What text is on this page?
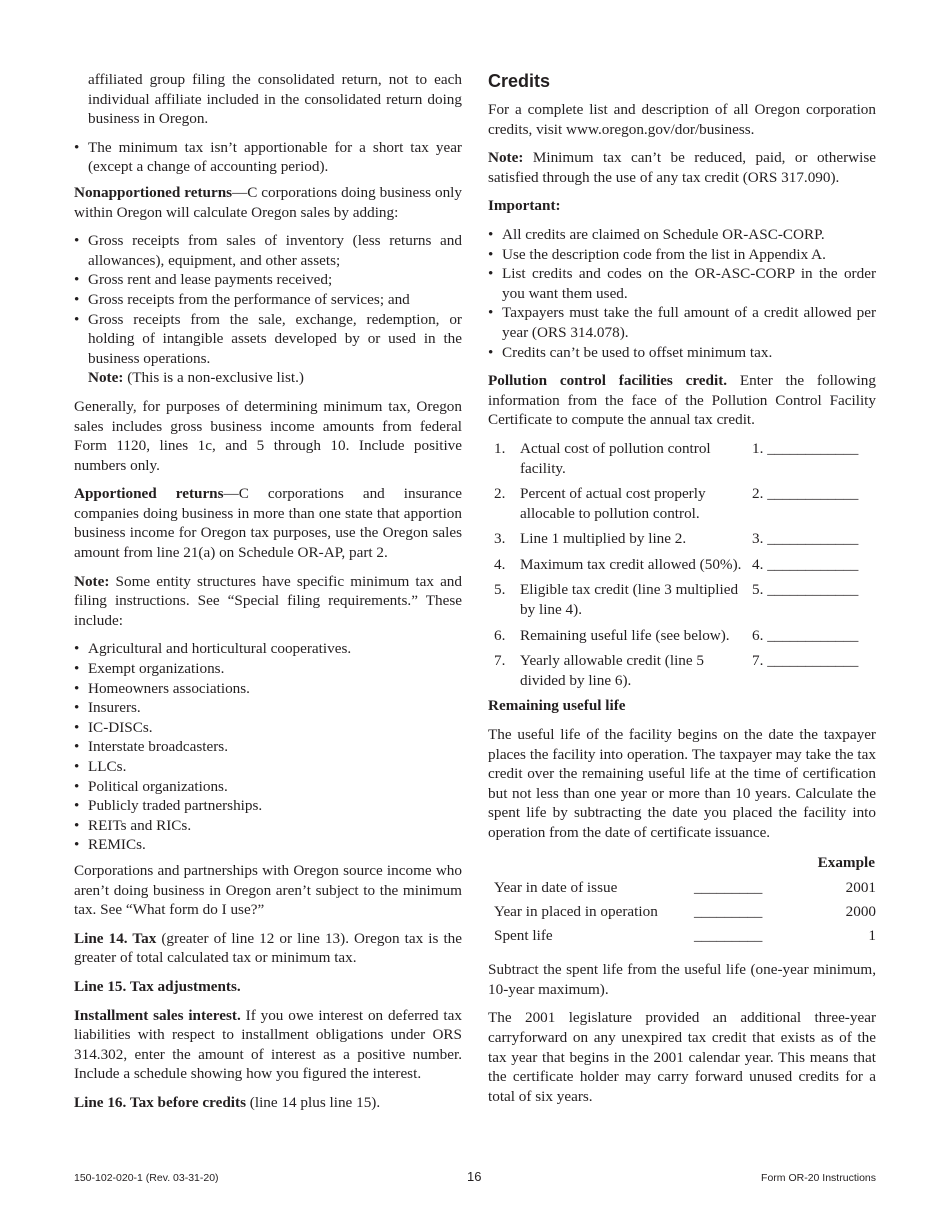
affiliated group filing the consolidated return, not to each individual affiliate included in the consolidated return doing business in Oregon.

• The minimum tax isn’t apportionable for a short tax year (except a change of accounting period).

Nonapportioned returns—C corporations doing business only within Oregon will calculate Oregon sales by adding:

• Gross receipts from sales of inventory (less returns and allowances), equipment, and other assets;
• Gross rent and lease payments received;
• Gross receipts from the performance of services; and
• Gross receipts from the sale, exchange, redemption, or holding of intangible assets developed by or used in the business operations.

Note: (This is a non-exclusive list.)

Generally, for purposes of determining minimum tax, Oregon sales includes gross business income amounts from federal Form 1120, lines 1c, and 5 through 10. Include positive numbers only.

Apportioned returns—C corporations and insurance companies doing business in more than one state that apportion business income for Oregon tax purposes, use the Oregon sales amount from line 21(a) on Schedule OR-AP, part 2.

Note: Some entity structures have specific minimum tax and filing instructions. See “Special filing requirements.” These include:

• Agricultural and horticultural cooperatives.
• Exempt organizations.
• Homeowners associations.
• Insurers.
• IC-DISCs.
• Interstate broadcasters.
• LLCs.
• Political organizations.
• Publicly traded partnerships.
• REITs and RICs.
• REMICs.

Corporations and partnerships with Oregon source income who aren’t doing business in Oregon aren’t subject to the minimum tax. See “What form do I use?”

Line 14. Tax (greater of line 12 or line 13). Oregon tax is the greater of total calculated tax or minimum tax.

Line 15. Tax adjustments.

Installment sales interest. If you owe interest on deferred tax liabilities with respect to installment obligations under ORS 314.302, enter the amount of interest as a positive number. Include a schedule showing how you figured the interest.

Line 16. Tax before credits (line 14 plus line 15).

Credits

For a complete list and description of all Oregon corporation credits, visit www.oregon.gov/dor/business.

Note: Minimum tax can’t be reduced, paid, or otherwise satisfied through the use of any tax credit (ORS 317.090).

Important:

• All credits are claimed on Schedule OR-ASC-CORP.
• Use the description code from the list in Appendix A.
• List credits and codes on the OR-ASC-CORP in the order you want them used.
• Taxpayers must take the full amount of a credit allowed per year (ORS 314.078).
• Credits can’t be used to offset minimum tax.

Pollution control facilities credit. Enter the following information from the face of the Pollution Control Facility Certificate to compute the annual tax credit.

1. Actual cost of pollution control facility.
1. ____________
2. Percent of actual cost properly allocable to pollution control.
2. ____________
3. Line 1 multiplied by line 2.	3. ____________
4. Maximum tax credit allowed (50%). 4. ____________
5. Eligible tax credit (line 3 multiplied by line 4).
5. ____________
6. Remaining useful life (see below).	6. ____________
7. Yearly allowable credit (line 5 divided by line 6).
7. ____________

Remaining useful life

The useful life of the facility begins on the date the taxpayer places the facility into operation. The taxpayer may take the tax credit over the remaining useful life at the time of certification but not less than one year or more than 10 years. Calculate the spent life by subtracting the date you placed the facility into operation from the date of certificate issuance.

		Example
Year in date of issue	_________	2001
Year in placed in operation	_________	2000
Spent life	_________	1

Subtract the spent life from the useful life (one-year minimum, 10-year maximum).

The 2001 legislature provided an additional three-year carryforward on any unexpired tax credit that exists as of the tax year that begins in the 2001 calendar year. This means that the certificate holder may carry forward unused credits for a total of six years.

150-102-020-1 (Rev. 03-31-20)	16	Form OR-20 Instructions
